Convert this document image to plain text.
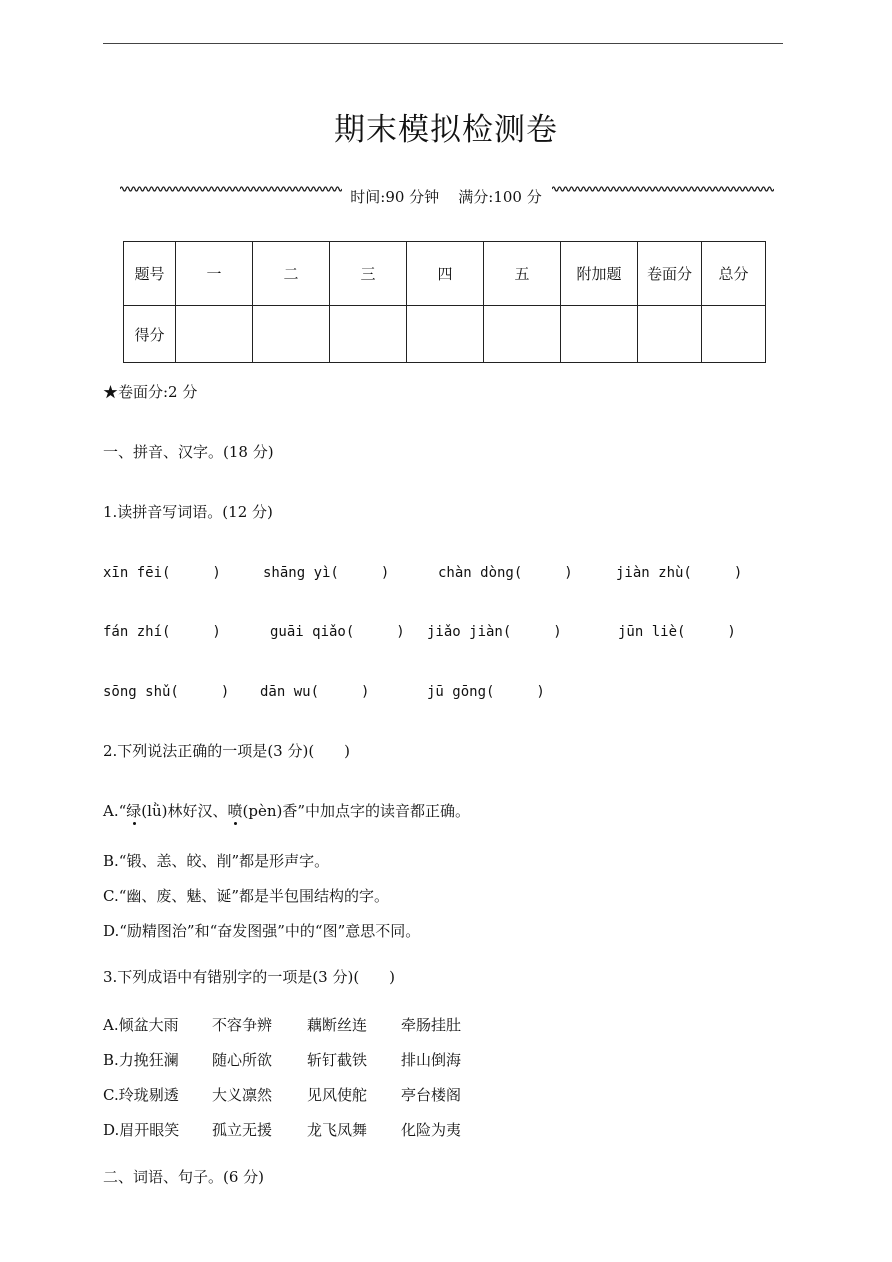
期末模拟检测卷
时间:90 分钟 满分:100 分
题号	一	二	三	四	五	附加题	卷面分	总分
得分								
★卷面分:2 分
一、拼音、汉字。(18 分)
1.读拼音写词语。(12 分)
xīn fēi(　　　)	shāng yì(　　　)	chàn dòng(　　　)	jiàn zhù(　　　)
fán zhí(　　　)	guāi qiǎo(　　　) jiǎo jiàn(　　　)	jūn liè(　　　)
sōng shǔ(　　　) dān wu(　　　)	jū gōng(　　　)
2.下列说法正确的一项是(3 分)(　　)
A.“绿(lǜ)林好汉、喷(pèn)香”中加点字的读音都正确。
B.“锻、恙、皎、削”都是形声字。
C.“幽、废、魅、诞”都是半包围结构的字。
D.“励精图治”和“奋发图强”中的“图”意思不同。
3.下列成语中有错别字的一项是(3 分)(　　)
A.倾盆大雨 不容争辨 藕断丝连 牵肠挂肚
B.力挽狂澜 随心所欲 斩钉截铁 排山倒海
C.玲珑剔透 大义凛然 见风使舵 亭台楼阁
D.眉开眼笑 孤立无援 龙飞凤舞 化险为夷
二、词语、句子。(6 分)
